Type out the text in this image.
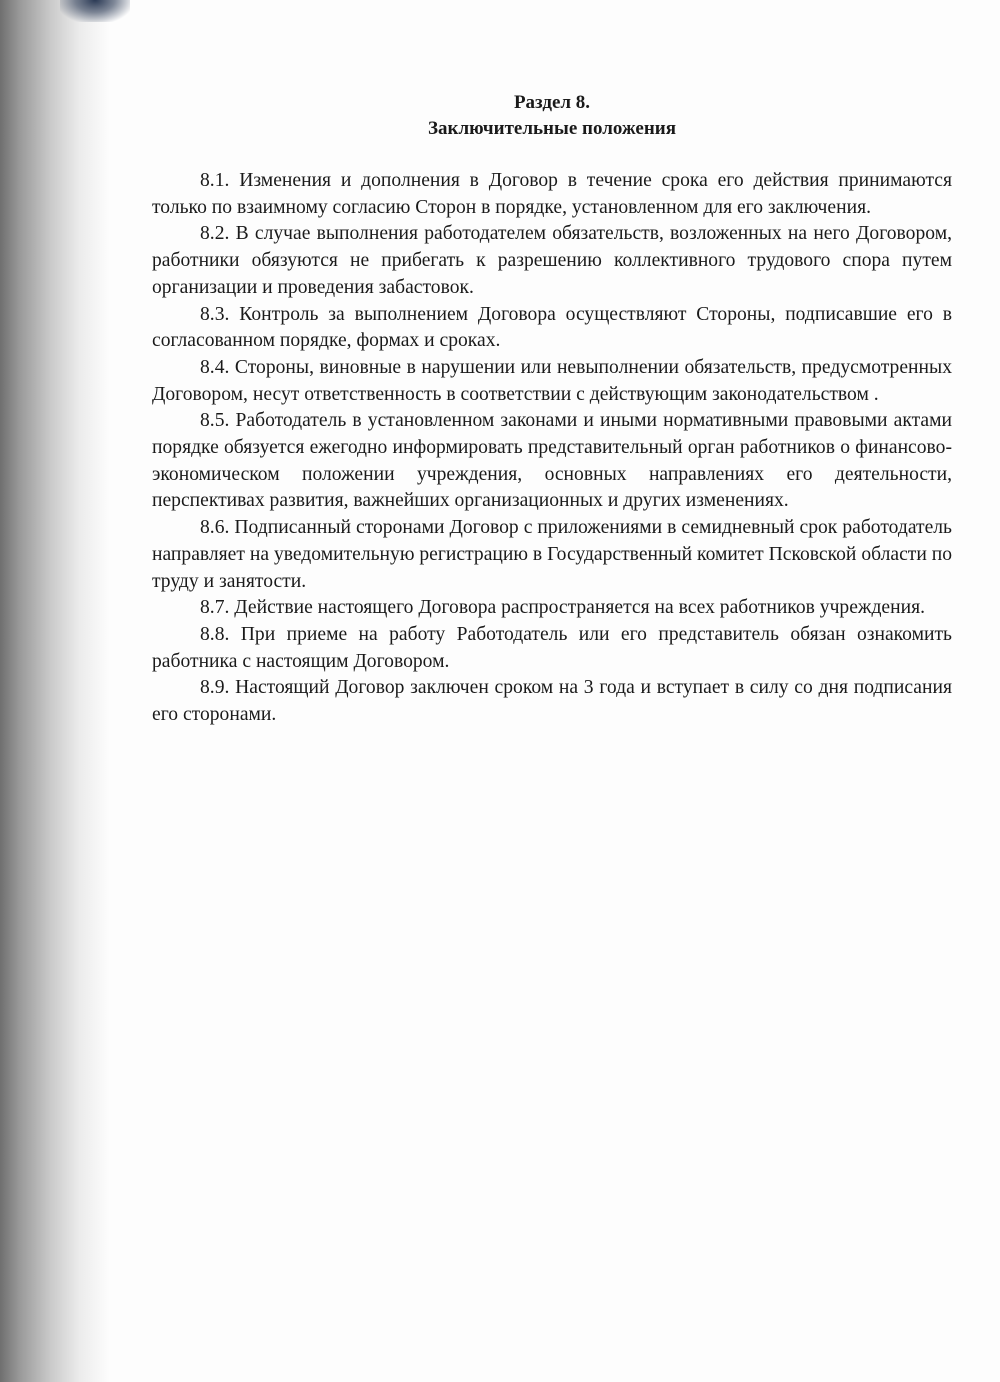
Раздел 8.
Заключительные положения

8.1. Изменения и дополнения в Договор в течение срока его действия принимаются только по взаимному согласию Сторон в порядке, установленном для его заключения.

8.2. В случае выполнения работодателем обязательств, возложенных на него Договором, работники обязуются не прибегать к разрешению коллективного трудового спора путем организации и проведения забастовок.

8.3. Контроль за выполнением Договора осуществляют Стороны, подписавшие его в согласованном порядке, формах и сроках.

8.4. Стороны, виновные в нарушении или невыполнении обязательств, предусмотренных Договором, несут ответственность в соответствии с действующим законодательством .

8.5. Работодатель в установленном законами и иными нормативными правовыми актами порядке обязуется ежегодно информировать представительный орган работников о финансово-экономическом положении учреждения, основных направлениях его деятельности, перспективах развития, важнейших организационных и других изменениях.

8.6. Подписанный сторонами Договор с приложениями в семидневный срок работодатель направляет на уведомительную регистрацию в Государственный комитет Псковской области по труду и занятости.

8.7. Действие настоящего Договора распространяется на всех работников учреждения.

8.8. При приеме на работу Работодатель или его представитель обязан ознакомить работника с настоящим Договором.

8.9. Настоящий Договор заключен сроком на 3 года и вступает в силу со дня подписания его сторонами.
